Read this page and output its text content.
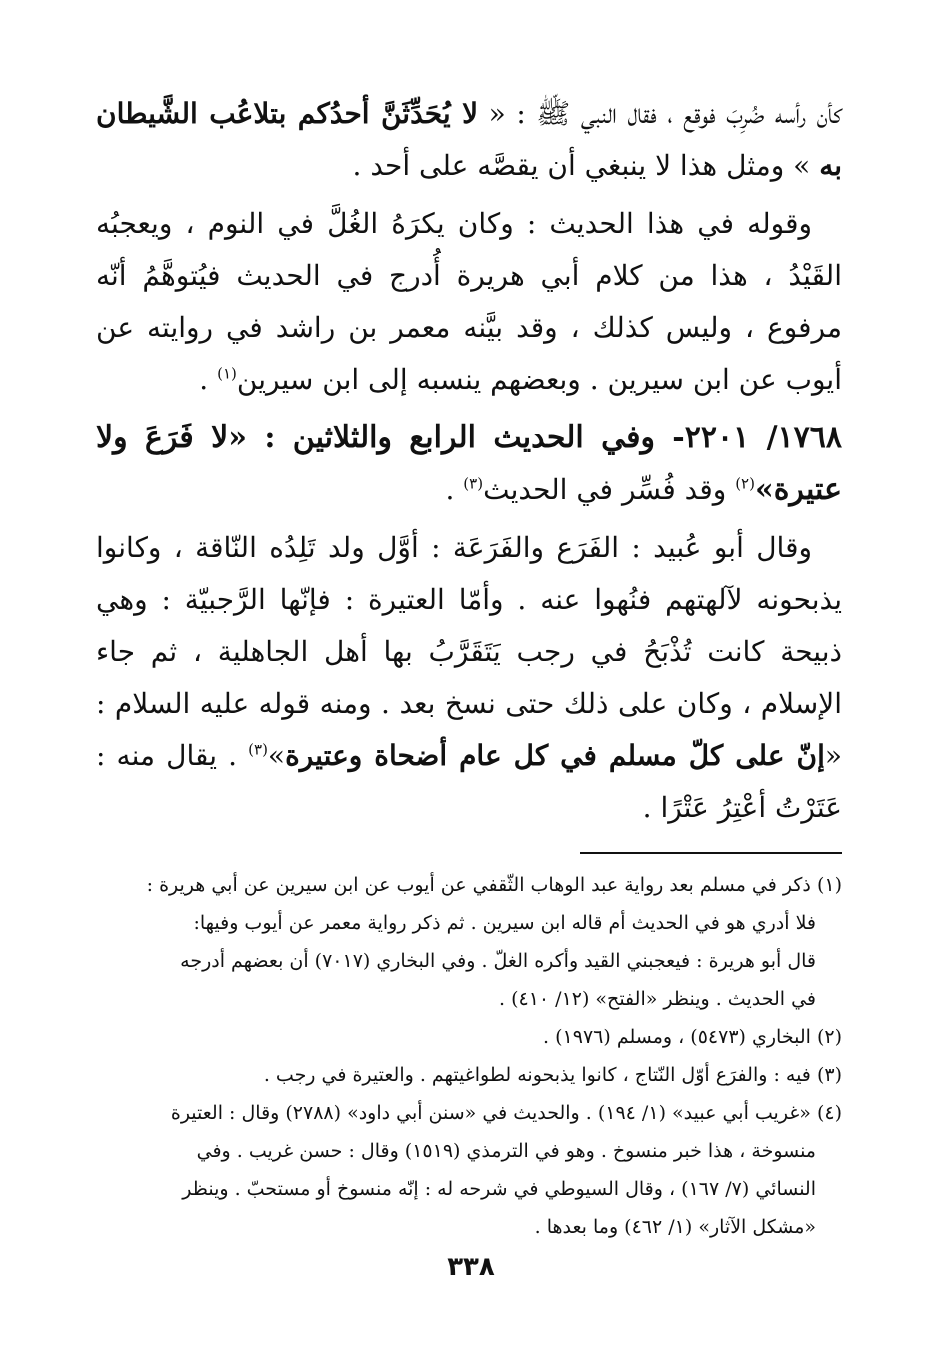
كأن رأسه ضُرِبَ فوقع ، فقال النبي ﷺ : « لا يُحَدِّثَنَّ أحدُكم بتلاعُب الشَّيطان به » ومثل هذا لا ينبغي أن يقصَّه على أحد .

وقوله في هذا الحديث : وكان يكرَهُ الغُلَّ في النوم ، ويعجبُه القَيْدُ ، هذا من كلام أبي هريرة أُدرج في الحديث فيُتوهَّمُ أنّه مرفوع ، وليس كذلك ، وقد بيَّنه معمر بن راشد في روايته عن أيوب عن ابن سيرين . وبعضهم ينسبه إلى ابن سيرين$^{(١)}$ .

١٧٦٨/ ٢٢٠١- وفي الحديث الرابع والثلاثين : «لا فَرَعَ ولا عتيرة»$^{(٢)}$ وقد فُسِّر في الحديث$^{(٣)}$ .

وقال أبو عُبيد : الفَرَع والفَرَعَة : أوَّل ولد تَلِدُه النّاقة ، وكانوا يذبحونه لآلهتهم فنُهوا عنه . وأمّا العتيرة : فإنّها الرَّجبيّة : وهي ذبيحة كانت تُذْبَحُ في رجب يَتَقَرَّبُ بها أهل الجاهلية ، ثم جاء الإسلام ، وكان على ذلك حتى نسخ بعد . ومنه قوله عليه السلام : «إنّ على كلّ مسلم في كل عام أضحاة وعتيرة»$^{(٣)}$ . يقال منه : عَتَرْتُ أعْتِرُ عَتْرًا .

(١) ذكر في مسلم بعد رواية عبد الوهاب الثّقفي عن أيوب عن ابن سيرين عن أبي هريرة :

فلا أدري هو في الحديث أم قاله ابن سيرين . ثم ذكر رواية معمر عن أيوب وفيها:

قال أبو هريرة : فيعجبني القيد وأكره الغلّ . وفي البخاري (٧٠١٧) أن بعضهم أدرجه

في الحديث . وينظر «الفتح» (١٢/ ٤١٠) .

(٢) البخاري (٥٤٧٣) ، ومسلم (١٩٧٦) .

(٣) فيه : والفرَع أوّل النّتاج ، كانوا يذبحونه لطواغيتهم . والعتيرة في رجب .

(٤) «غريب أبي عبيد» (١/ ١٩٤) . والحديث في «سنن أبي داود» (٢٧٨٨) وقال : العتيرة

منسوخة ، هذا خبر منسوخ . وهو في الترمذي (١٥١٩) وقال : حسن غريب . وفي

النسائي (٧/ ١٦٧) ، وقال السيوطي في شرحه له : إنّه منسوخ أو مستحبّ . وينظر

«مشكل الآثار» (١/ ٤٦٢) وما بعدها .

٣٣٨
